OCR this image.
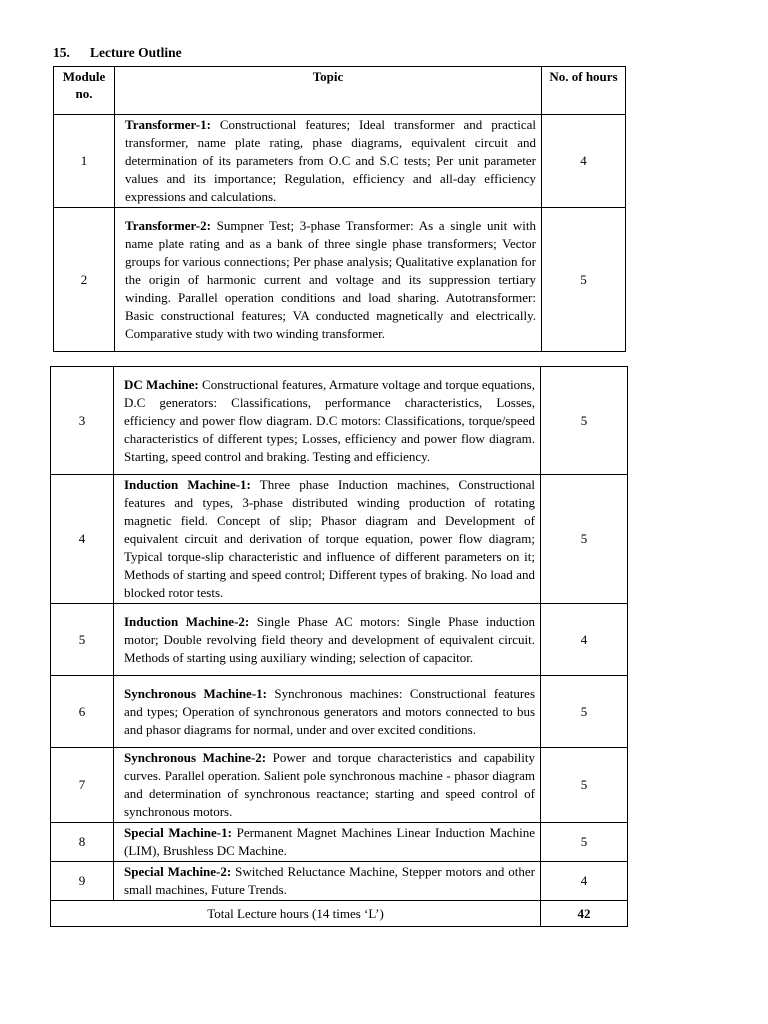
15. Lecture Outline

Module no.	Topic	No. of hours
1	Transformer-1: Constructional features; Ideal transformer and practical transformer, name plate rating, phase diagrams, equivalent circuit and determination of its parameters from O.C and S.C tests; Per unit parameter values and its importance; Regulation, efficiency and all-day efficiency expressions and calculations.	4
2	Transformer-2: Sumpner Test; 3-phase Transformer: As a single unit with name plate rating and as a bank of three single phase transformers; Vector groups for various connections; Per phase analysis; Qualitative explanation for the origin of harmonic current and voltage and its suppression tertiary winding. Parallel operation conditions and load sharing. Autotransformer: Basic constructional features; VA conducted magnetically and electrically. Comparative study with two winding transformer.	5
3	DC Machine: Constructional features, Armature voltage and torque equations, D.C generators: Classifications, performance characteristics, Losses, efficiency and power flow diagram. D.C motors: Classifications, torque/speed characteristics of different types; Losses, efficiency and power flow diagram. Starting, speed control and braking. Testing and efficiency.	5
4	Induction Machine-1: Three phase Induction machines, Constructional features and types, 3-phase distributed winding production of rotating magnetic field. Concept of slip; Phasor diagram and Development of equivalent circuit and derivation of torque equation, power flow diagram; Typical torque-slip characteristic and influence of different parameters on it; Methods of starting and speed control; Different types of braking. No load and blocked rotor tests.	5
5	Induction Machine-2: Single Phase AC motors: Single Phase induction motor; Double revolving field theory and development of equivalent circuit. Methods of starting using auxiliary winding; selection of capacitor.	4
6	Synchronous Machine-1: Synchronous machines: Constructional features and types; Operation of synchronous generators and motors connected to bus and phasor diagrams for normal, under and over excited conditions.	5
7	Synchronous Machine-2: Power and torque characteristics and capability curves. Parallel operation. Salient pole synchronous machine - phasor diagram and determination of synchronous reactance; starting and speed control of synchronous motors.	5
8	Special Machine-1: Permanent Magnet Machines Linear Induction Machine (LIM), Brushless DC Machine.	5
9	Special Machine-2: Switched Reluctance Machine, Stepper motors and other small machines, Future Trends.	4
Total Lecture hours (14 times ‘L’)		42
